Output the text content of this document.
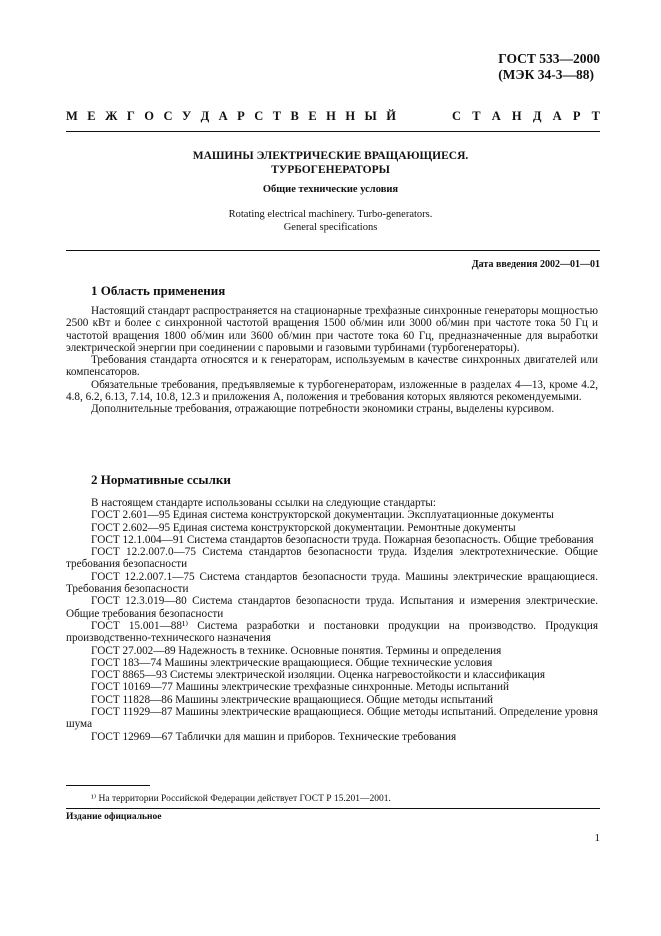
ГОСТ 533—2000
(МЭК 34-3—88)
М Е Ж Г О С У Д А Р С Т В Е Н Н Ы Й	С Т А Н Д А Р Т
МАШИНЫ ЭЛЕКТРИЧЕСКИЕ ВРАЩАЮЩИЕСЯ.
ТУРБОГЕНЕРАТОРЫ
Общие технические условия
Rotating electrical machinery. Turbo-generators.
General specifications
Дата введения 2002—01—01
1 Область применения

Настоящий стандарт распространяется на стационарные трехфазные синхронные генераторы мощностью 2500 кВт и более с синхронной частотой вращения 1500 об/мин или 3000 об/мин при частоте тока 50 Гц и частотой вращения 1800 об/мин или 3600 об/мин при частоте тока 60 Гц, предназначенные для выработки электрической энергии при соединении с паровыми и газовыми турбинами (турбогенераторы).

Требования стандарта относятся и к генераторам, используемым в качестве синхронных двигателей или компенсаторов.

Обязательные требования, предъявляемые к турбогенераторам, изложенные в разделах 4—13, кроме 4.2, 4.8, 6.2, 6.13, 7.14, 10.8, 12.3 и приложения А, положения и требования которых являются рекомендуемыми.

Дополнительные требования, отражающие потребности экономики страны, выделены курсивом.

2 Нормативные ссылки

В настоящем стандарте использованы ссылки на следующие стандарты:

ГОСТ 2.601—95 Единая система конструкторской документации. Эксплуатационные документы

ГОСТ 2.602—95 Единая система конструкторской документации. Ремонтные документы

ГОСТ 12.1.004—91 Система стандартов безопасности труда. Пожарная безопасность. Общие требования

ГОСТ 12.2.007.0—75 Система стандартов безопасности труда. Изделия электротехнические. Общие требования безопасности

ГОСТ 12.2.007.1—75 Система стандартов безопасности труда. Машины электрические вращающиеся. Требования безопасности

ГОСТ 12.3.019—80 Система стандартов безопасности труда. Испытания и измерения электрические. Общие требования безопасности

ГОСТ 15.001—88¹⁾ Система разработки и постановки продукции на производство. Продукция производственно-технического назначения

ГОСТ 27.002—89 Надежность в технике. Основные понятия. Термины и определения

ГОСТ 183—74 Машины электрические вращающиеся. Общие технические условия

ГОСТ 8865—93 Системы электрической изоляции. Оценка нагревостойкости и классификация

ГОСТ 10169—77 Машины электрические трехфазные синхронные. Методы испытаний

ГОСТ 11828—86 Машины электрические вращающиеся. Общие методы испытаний

ГОСТ 11929—87 Машины электрические вращающиеся. Общие методы испытаний. Определение уровня шума

ГОСТ 12969—67 Таблички для машин и приборов. Технические требования

¹⁾ На территории Российской Федерации действует ГОСТ Р 15.201—2001.
Издание официальное
1
